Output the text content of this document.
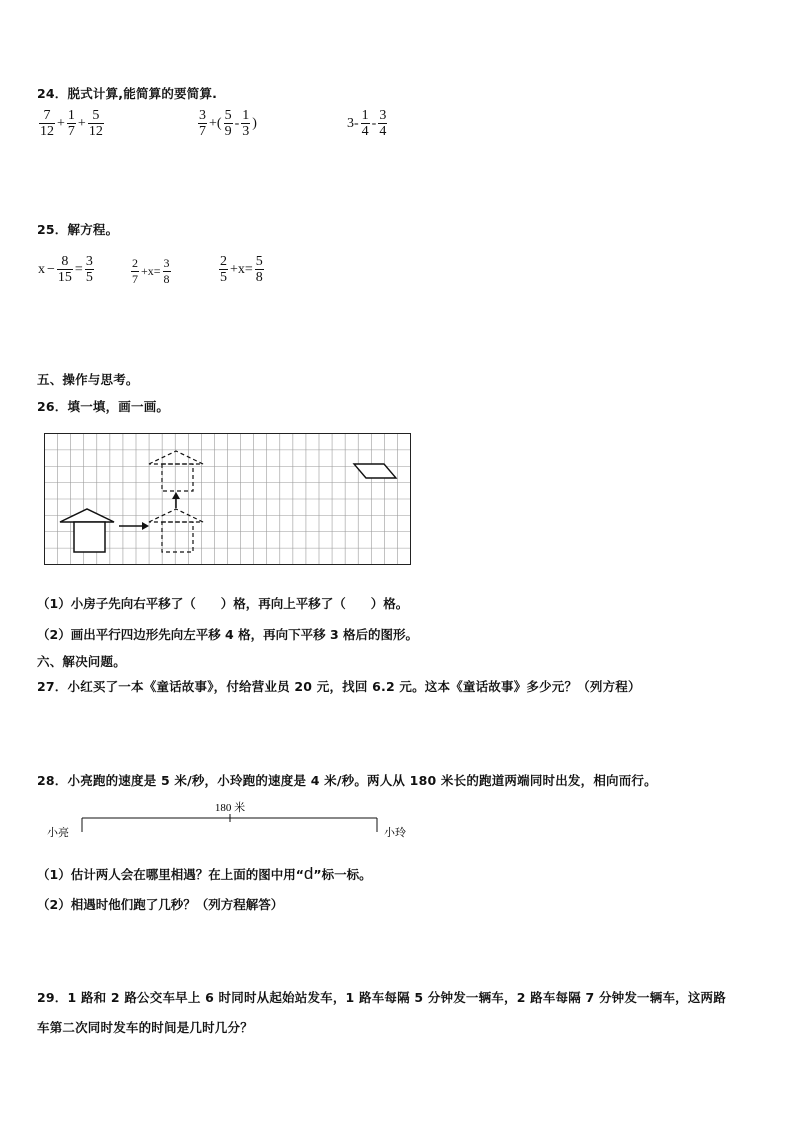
24．脱式计算,能简算的要简算.
$\frac{7}{12} + \frac{1}{7} + \frac{5}{12}$	$\frac{3}{7}$ +( $\frac{5}{9} - \frac{1}{3}$ )	$3- \frac{1}{4} - \frac{3}{4}$
25．解方程。
$x - \frac{8}{15} = \frac{3}{5}$	$\frac{2}{7} +x= \frac{3}{8}$	$\frac{2}{5} +x= \frac{5}{8}$
五、操作与思考。
26．填一填，画一画。
（1）小房子先向右平移了（　　）格，再向上平移了（　　）格。
（2）画出平行四边形先向左平移 4 格，再向下平移 3 格后的图形。
六、解决问题。
27．小红买了一本《童话故事》，付给营业员 20 元，找回 6.2 元。这本《童话故事》多少元？（列方程）
28．小亮跑的速度是 5 米/秒，小玲跑的速度是 4 米/秒。两人从 180 米长的跑道两端同时出发，相向而行。
180 米
小亮	小玲
（1）估计两人会在哪里相遇？在上面的图中用“d”标一标。
（2）相遇时他们跑了几秒？（列方程解答）
29．1 路和 2 路公交车早上 6 时同时从起始站发车，1 路车每隔 5 分钟发一辆车，2 路车每隔 7 分钟发一辆车，这两路
车第二次同时发车的时间是几时几分？
